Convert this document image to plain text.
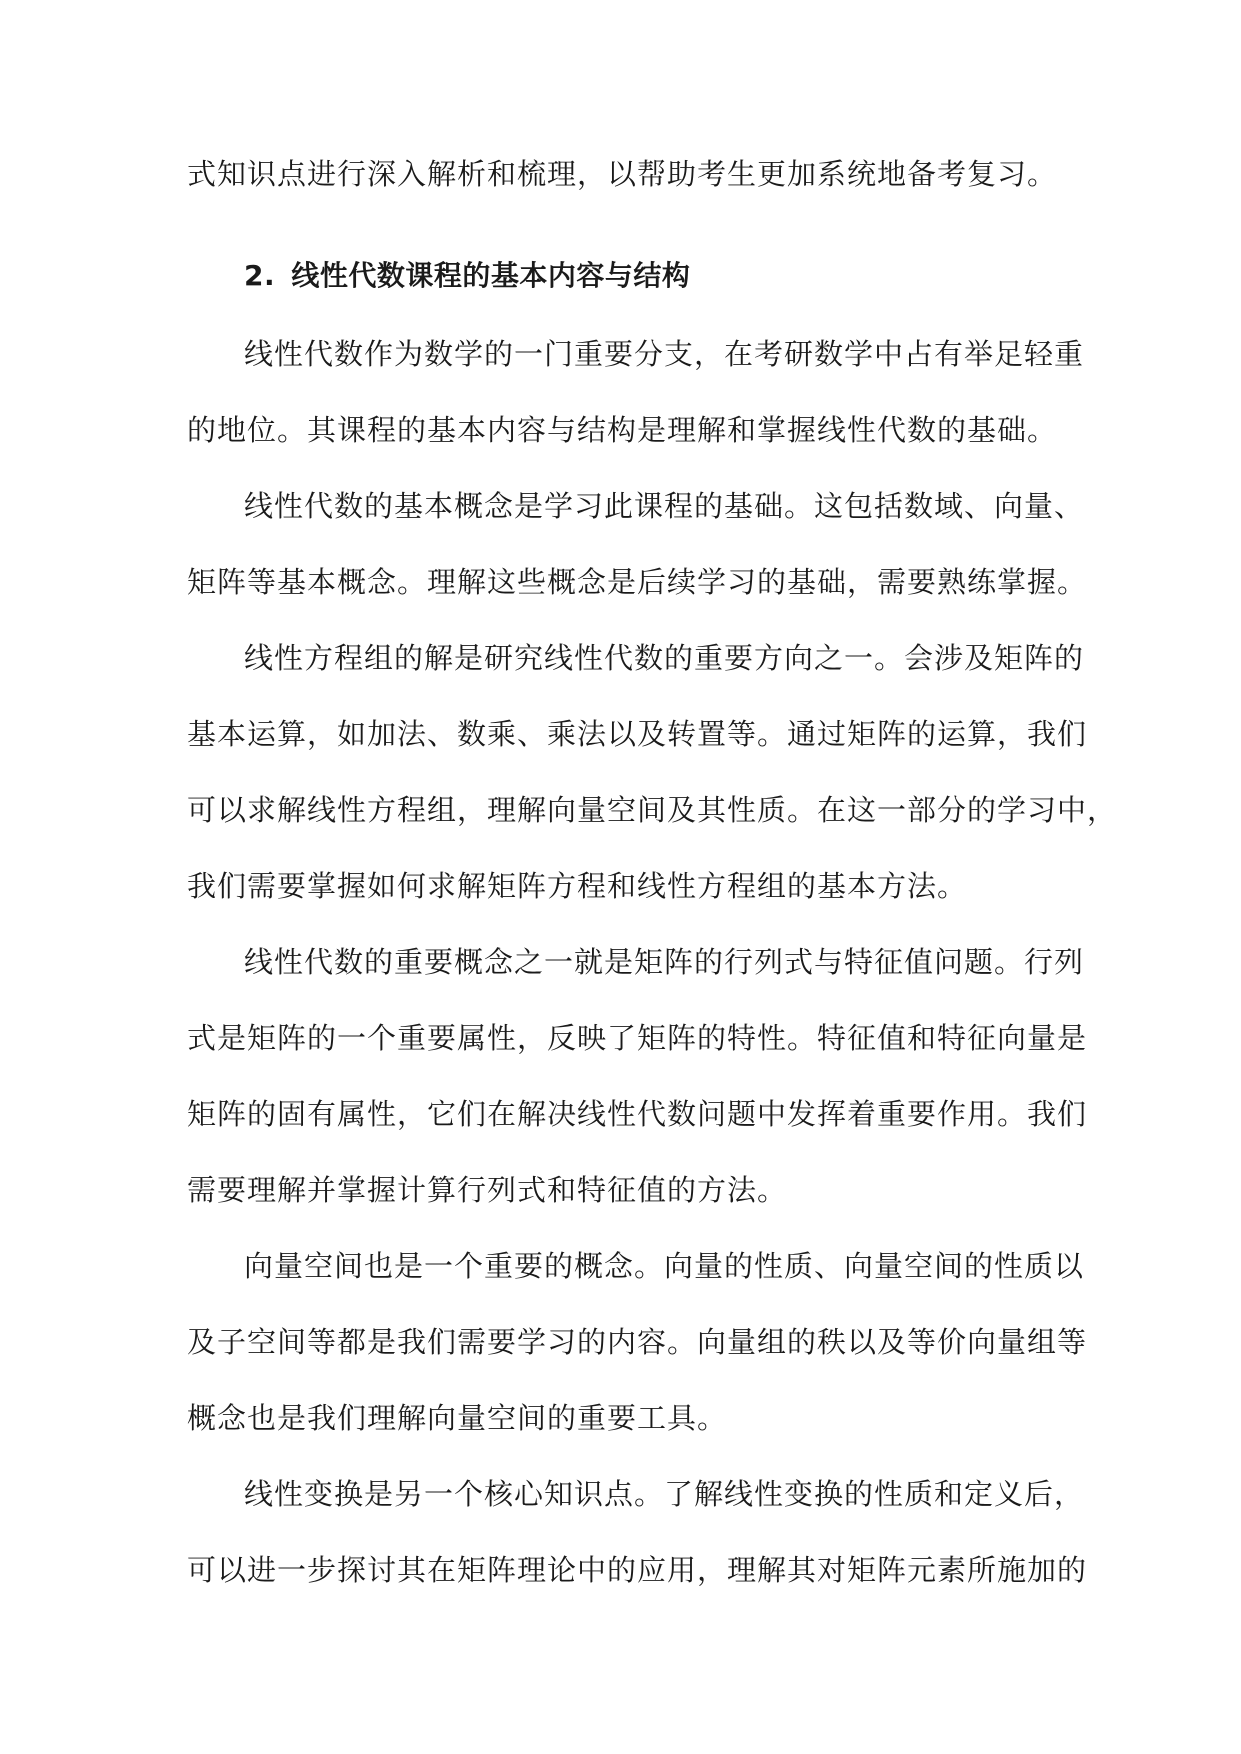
式知识点进行深入解析和梳理，以帮助考生更加系统地备考复习。
2. 线性代数课程的基本内容与结构
线性代数作为数学的一门重要分支，在考研数学中占有举足轻重
的地位。其课程的基本内容与结构是理解和掌握线性代数的基础。
线性代数的基本概念是学习此课程的基础。这包括数域、向量、
矩阵等基本概念。理解这些概念是后续学习的基础，需要熟练掌握。
线性方程组的解是研究线性代数的重要方向之一。会涉及矩阵的
基本运算，如加法、数乘、乘法以及转置等。通过矩阵的运算，我们
可以求解线性方程组，理解向量空间及其性质。在这一部分的学习中，
我们需要掌握如何求解矩阵方程和线性方程组的基本方法。
线性代数的重要概念之一就是矩阵的行列式与特征值问题。行列
式是矩阵的一个重要属性，反映了矩阵的特性。特征值和特征向量是
矩阵的固有属性，它们在解决线性代数问题中发挥着重要作用。我们
需要理解并掌握计算行列式和特征值的方法。
向量空间也是一个重要的概念。向量的性质、向量空间的性质以
及子空间等都是我们需要学习的内容。向量组的秩以及等价向量组等
概念也是我们理解向量空间的重要工具。
线性变换是另一个核心知识点。了解线性变换的性质和定义后，
可以进一步探讨其在矩阵理论中的应用，理解其对矩阵元素所施加的
